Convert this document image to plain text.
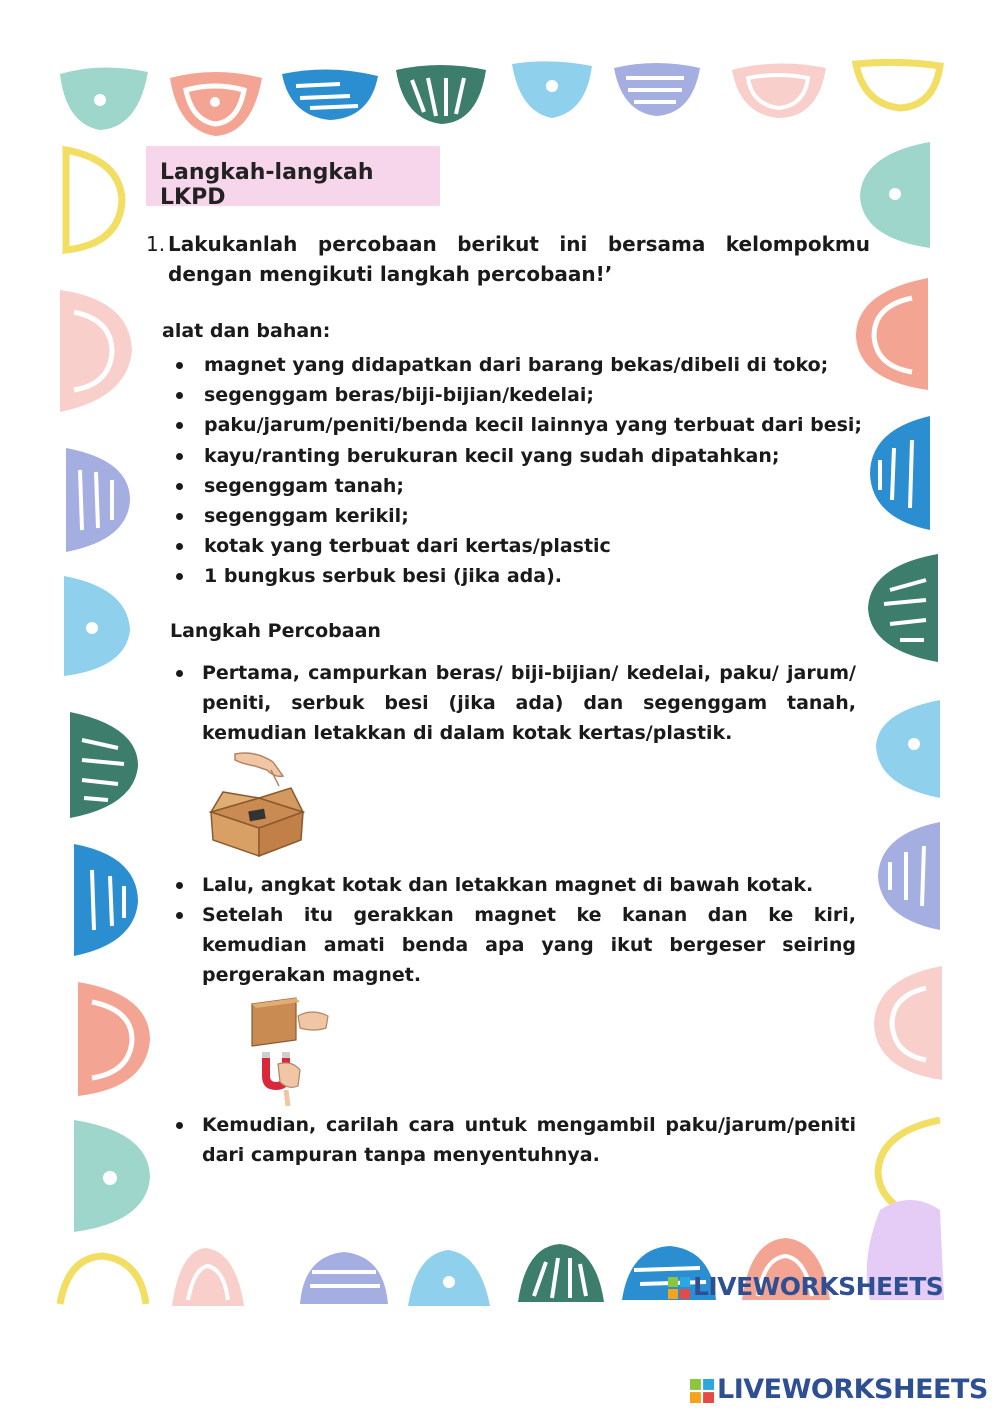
Langkah-langkah LKPD
1. Lakukanlah percobaan berikut ini bersama kelompokmu dengan mengikuti langkah percobaan!’
alat dan bahan:
magnet yang didapatkan dari barang bekas/dibeli di toko;
segenggam beras/biji-bijian/kedelai;
paku/jarum/peniti/benda kecil lainnya yang terbuat dari besi;
kayu/ranting berukuran kecil yang sudah dipatahkan;
segenggam tanah;
segenggam kerikil;
kotak yang terbuat dari kertas/plastic
1 bungkus serbuk besi (jika ada).
Langkah Percobaan
Pertama, campurkan beras/ biji-bijian/ kedelai, paku/ jarum/ peniti, serbuk besi (jika ada) dan segenggam tanah, kemudian letakkan di dalam kotak kertas/plastik.
Lalu, angkat kotak dan letakkan magnet di bawah kotak.
Setelah itu gerakkan magnet ke kanan dan ke kiri, kemudian amati benda apa yang ikut bergeser seiring pergerakan magnet.
Kemudian, carilah cara untuk mengambil paku/jarum/peniti dari campuran tanpa menyentuhnya.
LIVEWORKSHEETS
LIVEWORKSHEETS
